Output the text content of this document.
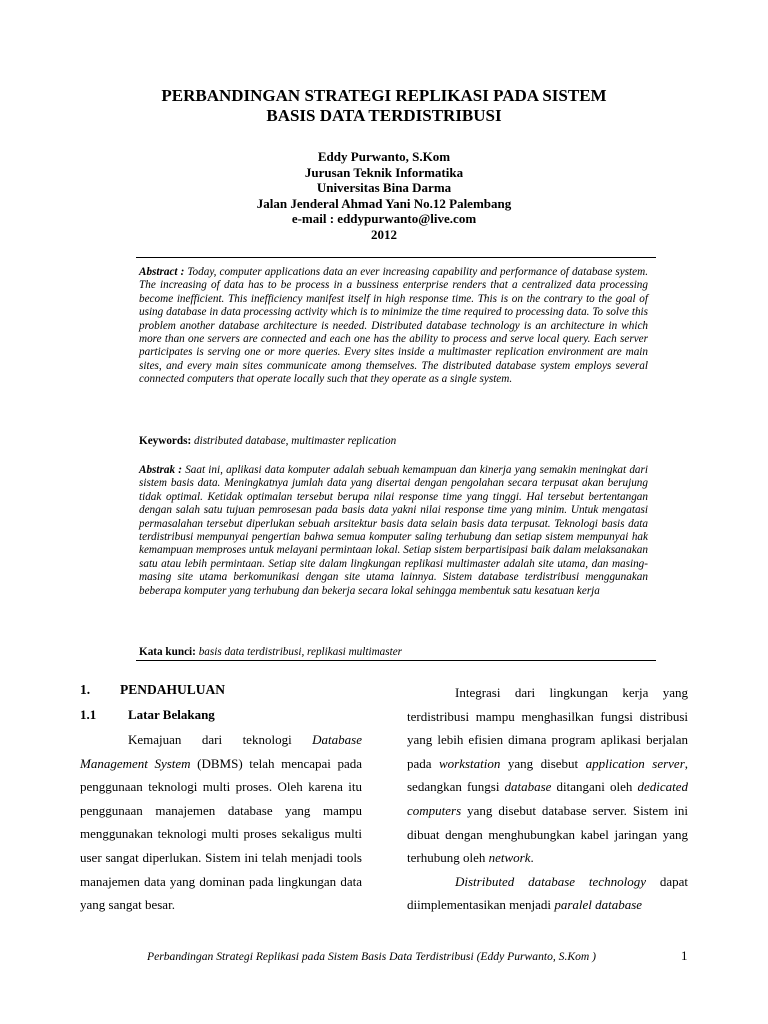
PERBANDINGAN STRATEGI REPLIKASI PADA SISTEM
BASIS DATA TERDISTRIBUSI
Eddy Purwanto, S.Kom
Jurusan Teknik Informatika
Universitas Bina Darma
Jalan Jenderal Ahmad Yani No.12 Palembang
e-mail : eddypurwanto@live.com
2012
Abstract : Today, computer applications data an ever increasing capability and performance of database system. The increasing of data has to be process in a bussiness enterprise renders that a centralized data processing become inefficient. This inefficiency manifest itself in high response time. This is on the contrary to the goal of using database in data processing activity which is to minimize the time required to processing data. To solve this problem another database architecture is needed. Distributed database technology is an architecture in which more than one servers are connected and each one has the ability to process and serve local query. Each server participates is serving one or more queries. Every sites inside a multimaster replication environment are main sites, and every main sites communicate among themselves. The distributed database system employs several connected computers that operate locally such that they operate as a single system.
Keywords: distributed database, multimaster replication
Abstrak : Saat ini, aplikasi data komputer adalah sebuah kemampuan dan kinerja yang semakin meningkat dari sistem basis data. Meningkatnya jumlah data yang disertai dengan pengolahan secara terpusat akan berujung tidak optimal. Ketidak optimalan tersebut berupa nilai response time yang tinggi. Hal tersebut bertentangan dengan salah satu tujuan pemrosesan pada basis data yakni nilai response time yang minim. Untuk mengatasi permasalahan tersebut diperlukan sebuah arsitektur basis data selain basis data terpusat. Teknologi basis data terdistribusi mempunyai pengertian bahwa semua komputer saling terhubung dan setiap sistem mempunyai hak kemampuan memproses untuk melayani permintaan lokal. Setiap sistem berpartisipasi baik dalam melaksanakan satu atau lebih permintaan. Setiap site dalam lingkungan replikasi multimaster adalah site utama, dan masing-masing site utama berkomunikasi dengan site utama lainnya. Sistem database terdistribusi menggunakan beberapa komputer yang terhubung dan bekerja secara lokal sehingga membentuk satu kesatuan kerja
Kata kunci: basis data terdistribusi, replikasi multimaster
1. PENDAHULUAN
1.1 Latar Belakang

Kemajuan dari teknologi Database Management System (DBMS) telah mencapai pada penggunaan teknologi multi proses. Oleh karena itu penggunaan manajemen database yang mampu menggunakan teknologi multi proses sekaligus multi user sangat diperlukan. Sistem ini telah menjadi tools manajemen data yang dominan pada lingkungan data yang sangat besar.

Integrasi dari lingkungan kerja yang terdistribusi mampu menghasilkan fungsi distribusi yang lebih efisien dimana program aplikasi berjalan pada workstation yang disebut application server, sedangkan fungsi database ditangani oleh dedicated computers yang disebut database server. Sistem ini dibuat dengan menghubungkan kabel jaringan yang terhubung oleh network.

Distributed database technology dapat diimplementasikan menjadi paralel database

Perbandingan Strategi Replikasi pada Sistem Basis Data Terdistribusi (Eddy Purwanto, S.Kom )	1
